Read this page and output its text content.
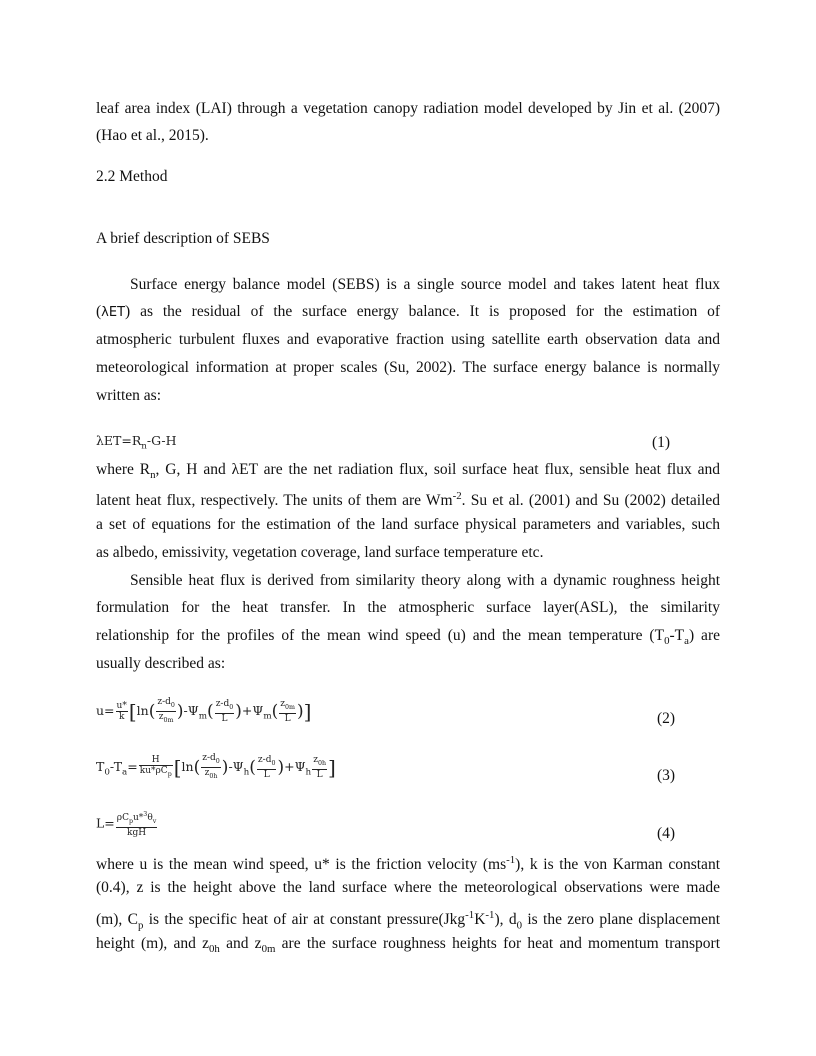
leaf area index (LAI) through a vegetation canopy radiation model developed by Jin et al. (2007)
(Hao et al., 2015).
2.2 Method
A brief description of SEBS
Surface energy balance model (SEBS) is a single source model and takes latent heat flux
(λET) as the residual of the surface energy balance. It is proposed for the estimation of
atmospheric turbulent fluxes and evaporative fraction using satellite earth observation data and
meteorological information at proper scales (Su, 2002). The surface energy balance is normally
written as:
$\lambda ET=R_n-G-H$	(1)
where $R_n$, G, H and λET are the net radiation flux, soil surface heat flux, sensible heat flux and
latent heat flux, respectively. The units of them are $Wm^{-2}$. Su et al. (2001) and Su (2002) detailed
a set of equations for the estimation of the land surface physical parameters and variables, such
as albedo, emissivity, vegetation coverage, land surface temperature etc.
Sensible heat flux is derived from similarity theory along with a dynamic roughness height
formulation for the heat transfer. In the atmospheric surface layer(ASL), the similarity
relationship for the profiles of the mean wind speed (u) and the mean temperature $(T_0-T_a)$ are
usually described as:
$u= \frac{u*}{k} [\ln( \frac{z-d_0}{z_{0m}} )-\Psi_m( \frac{z-d_0}{L} )+\Psi_m( \frac{z_{0m}}{L}$ )]	(2)
$T_0-T_a= \frac{H}{ku*\rho C_p} [\ln( \frac{z-d_0}{z_{0h}} )-\Psi_h( \frac{z-d_0}{L} )+\Psi_h \frac{z_{0h}}{L}$ ]	(3)
$L= \frac{\rho C_pu*^3\theta_v}{\text{kgH}}$	(4)
where u is the mean wind speed, u* is the friction velocity $(ms^{-1})$, k is the von Karman constant
(0.4), z is the height above the land surface where the meteorological observations were made
(m), $C_p$ is the specific heat of air at constant $pressure(Jkg^{-1}K^{-1})$, $d_0$ is the zero plane displacement
height (m), and $z_{0h}$ and $z_{0m}$ are the surface roughness heights for heat and momentum transport
